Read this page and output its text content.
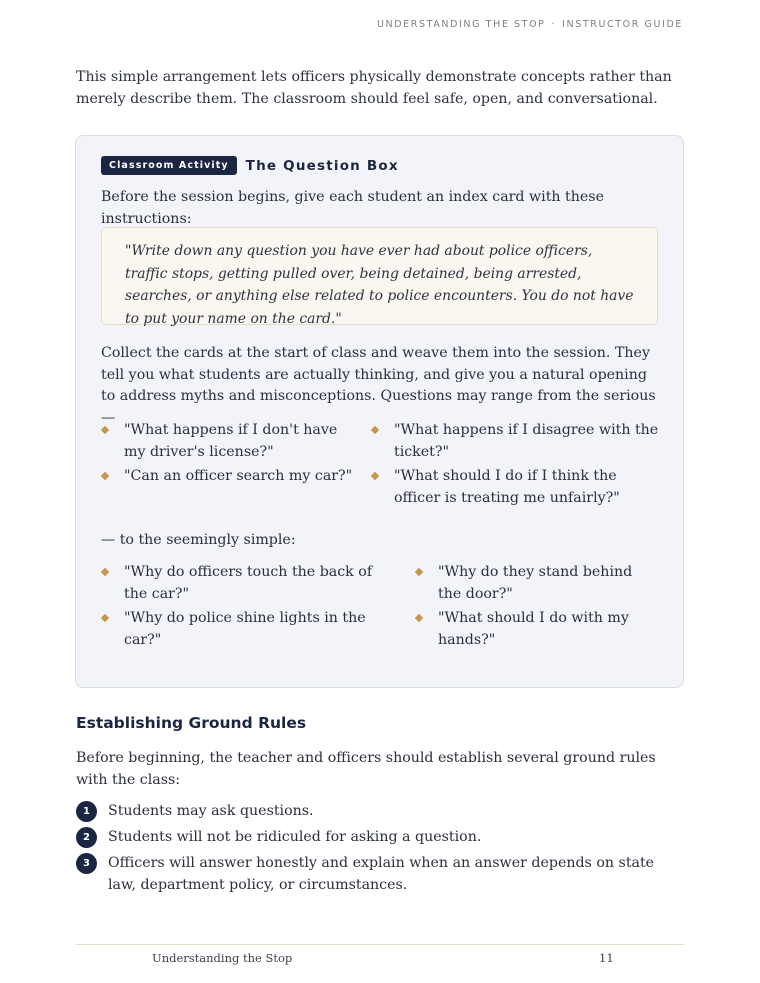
UNDERSTANDING THE STOP · INSTRUCTOR GUIDE

This simple arrangement lets officers physically demonstrate concepts rather than merely describe them. The classroom should feel safe, open, and conversational.

Classroom Activity	The Question Box

Before the session begins, give each student an index card with these instructions:

"Write down any question you have ever had about police officers, traffic stops, getting pulled over, being detained, being arrested, searches, or anything else related to police encounters. You do not have to put your name on the card."

Collect the cards at the start of class and weave them into the session. They tell you what students are actually thinking, and give you a natural opening to address myths and misconceptions. Questions may range from the serious —

"What happens if I don't have my driver's license?"
"What happens if I disagree with the ticket?"
"Can an officer search my car?"	"What should I do if I think the officer is treating me unfairly?"

— to the seemingly simple:

"Why do officers touch the back of the car?"
"Why do they stand behind the door?"
"Why do police shine lights in the car?"
"What should I do with my hands?"
Establishing Ground Rules

Before beginning, the teacher and officers should establish several ground rules with the class:

1	Students may ask questions.
2	Students will not be ridiculed for asking a question.
3	Officers will answer honestly and explain when an answer depends on state law, department policy, or circumstances.
Understanding the Stop	11
